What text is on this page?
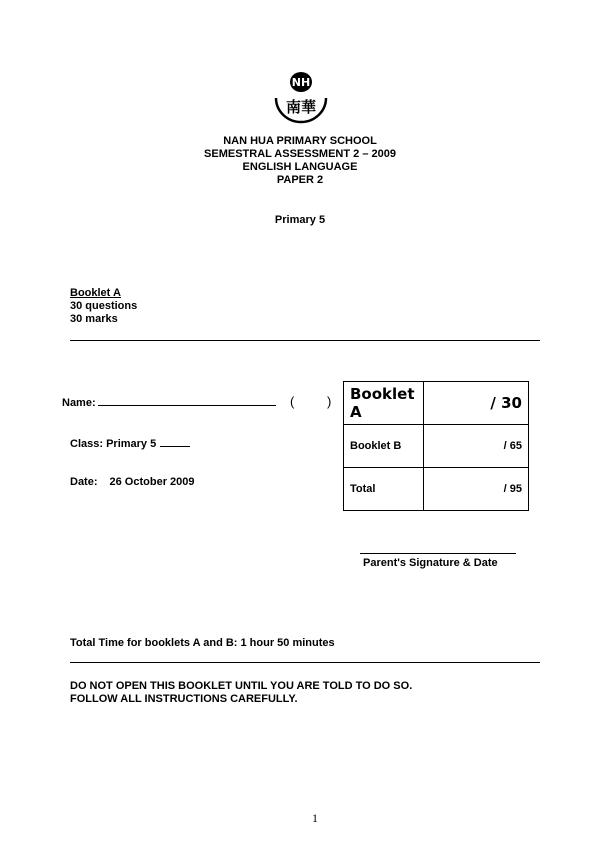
NH
南華
NAN HUA PRIMARY SCHOOL
SEMESTRAL ASSESSMENT 2 – 2009
ENGLISH LANGUAGE
PAPER 2
Primary 5
Booklet A
30 questions
30 marks
Name:	(	)
Class: Primary 5
Date: 26 October 2009
Booklet A	/ 30
Booklet B	/ 65
Total	/ 95
Parent's Signature & Date
Total Time for booklets A and B: 1 hour 50 minutes
DO NOT OPEN THIS BOOKLET UNTIL YOU ARE TOLD TO DO SO.
FOLLOW ALL INSTRUCTIONS CAREFULLY.
1
